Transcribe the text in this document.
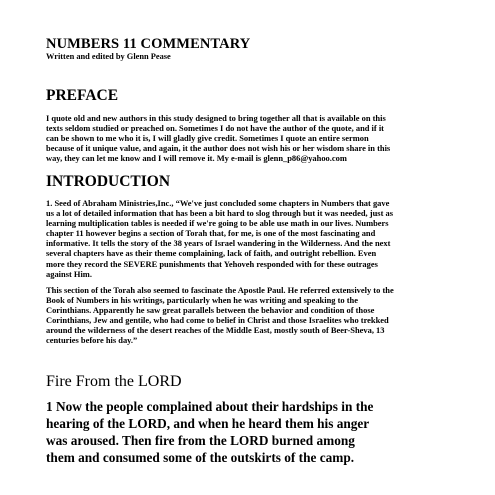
NUMBERS 11 COMMENTARY
Written and edited by Glenn Pease
PREFACE
I quote old and new authors in this study designed to bring together all that is available on this
texts seldom studied or preached on. Sometimes I do not have the author of the quote, and if it
can be shown to me who it is, I will gladly give credit. Sometimes I quote an entire sermon
because of it unique value, and again, it the author does not wish his or her wisdom share in this
way, they can let me know and I will remove it. My e-mail is glenn_p86@yahoo.com
INTRODUCTION
1. Seed of Abraham Ministries,Inc., “We've just concluded some chapters in Numbers that gave
us a lot of detailed information that has been a bit hard to slog through but it was needed, just as
learning multiplication tables is needed if we're going to be able use math in our lives. Numbers
chapter 11 however begins a section of Torah that, for me, is one of the most fascinating and
informative. It tells the story of the 38 years of Israel wandering in the Wilderness. And the next
several chapters have as their theme complaining, lack of faith, and outright rebellion. Even
more they record the SEVERE punishments that Yehoveh responded with for these outrages
against Him.
This section of the Torah also seemed to fascinate the Apostle Paul. He referred extensively to the
Book of Numbers in his writings, particularly when he was writing and speaking to the
Corinthians. Apparently he saw great parallels between the behavior and condition of those
Corinthians, Jew and gentile, who had come to belief in Christ and those Israelites who trekked
around the wilderness of the desert reaches of the Middle East, mostly south of Beer-Sheva, 13
centuries before his day.”
Fire From the LORD
1 Now the people complained about their hardships in the
hearing of the LORD, and when he heard them his anger
was aroused. Then fire from the LORD burned among
them and consumed some of the outskirts of the camp.
